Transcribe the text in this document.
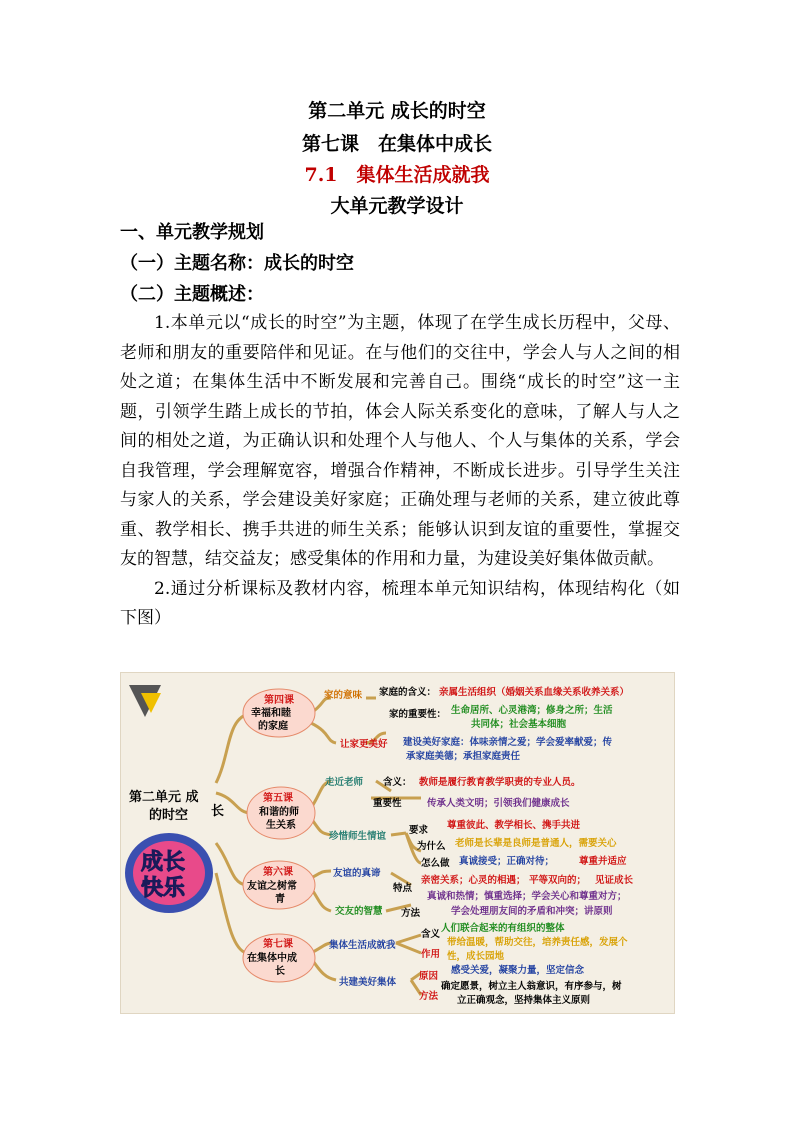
第二单元 成长的时空
第七课　在集体中成长
7.1　集体生活成就我
大单元教学设计
一、单元教学规划
（一）主题名称：成长的时空
（二）主题概述：

1.本单元以“成长的时空”为主题，体现了在学生成长历程中，父母、老师和朋友的重要陪伴和见证。在与他们的交往中，学会人与人之间的相处之道；在集体生活中不断发展和完善自己。围绕“成长的时空”这一主题，引领学生踏上成长的节拍，体会人际关系变化的意味，了解人与人之间的相处之道，为正确认识和处理个人与他人、个人与集体的关系，学会自我管理，学会理解宽容，增强合作精神，不断成长进步。引导学生关注与家人的关系，学会建设美好家庭；正确处理与老师的关系，建立彼此尊重、教学相长、携手共进的师生关系；能够认识到友谊的重要性，掌握交友的智慧，结交益友；感受集体的作用和力量，为建设美好集体做贡献。

2.通过分析课标及教材内容，梳理本单元知识结构，体现结构化（如下图）

第二单元 成
长
的时空
成长
快乐
第四课
幸福和睦
的家庭
第五课
和谐的师
生关系
第六课
友谊之树常
青
第七课
在集体中成
长
家的意味
让家更美好
家庭的含义： 亲属生活组织（婚姻关系血缘关系收养关系）
家的重要性： 生命居所、心灵港湾；修身之所；生活
共同体；社会基本细胞
建设美好家庭：体味亲情之爱；学会爱率献爱；传
承家庭美德；承担家庭责任
走近老师
珍惜师生情谊
含义： 教师是履行教育教学职责的专业人员。
重要性	传承人类文明；引领我们健康成长
要求 尊重彼此、教学相长、携手共进
为什么 老师是长辈是良师是普通人，需要关心
怎么做 真诚接受；正确对待；	尊重并适应
友谊的真谛
交友的智慧
特点
方法
亲密关系；心灵的相遇； 平等双向的； 见证成长
真诚和热情；慎重选择；学会关心和尊重对方；
学会处理朋友间的矛盾和冲突；讲原则
集体生活成就我
共建美好集体
含义
作用
原因
方法
人们联合起来的有组织的整体
带给温暖，帮助交往，培养责任感，发展个
性，成长园地
感受关爱，凝聚力量，坚定信念
确定愿景，树立主人翁意识，有序参与，树
立正确观念，坚持集体主义原则
